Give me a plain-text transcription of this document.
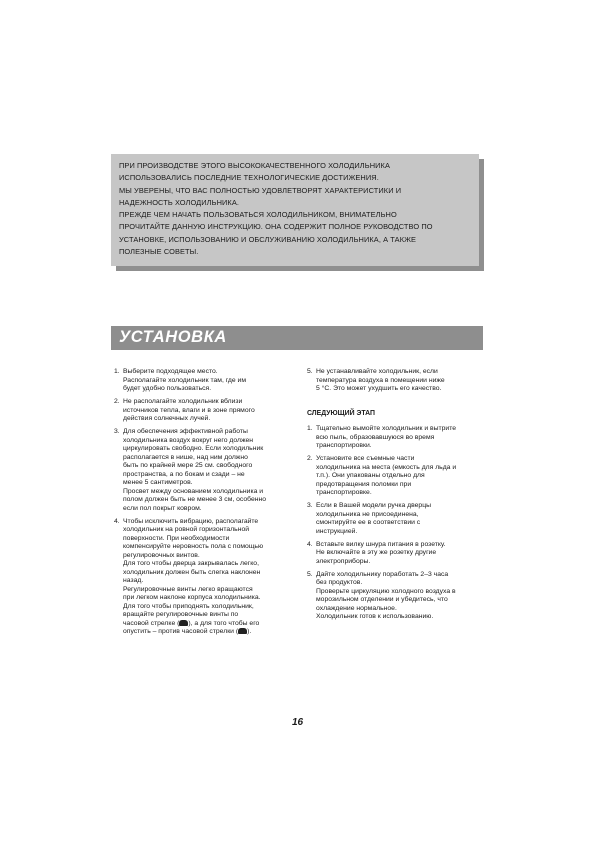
ПРИ ПРОИЗВОДСТВЕ ЭТОГО ВЫСОКОКАЧЕСТВЕННОГО ХОЛОДИЛЬНИКА

ИСПОЛЬЗОВАЛИСЬ ПОСЛЕДНИЕ ТЕХНОЛОГИЧЕСКИЕ ДОСТИЖЕНИЯ.

МЫ УВЕРЕНЫ, ЧТО ВАС ПОЛНОСТЬЮ УДОВЛЕТВОРЯТ ХАРАКТЕРИСТИКИ И

НАДЕЖНОСТЬ ХОЛОДИЛЬНИКА.

ПРЕЖДЕ ЧЕМ НАЧАТЬ ПОЛЬЗОВАТЬСЯ ХОЛОДИЛЬНИКОМ, ВНИМАТЕЛЬНО

ПРОЧИТАЙТЕ ДАННУЮ ИНСТРУКЦИЮ. ОНА СОДЕРЖИТ ПОЛНОЕ РУКОВОДСТВО ПО

УСТАНОВКЕ, ИСПОЛЬЗОВАНИЮ И ОБСЛУЖИВАНИЮ ХОЛОДИЛЬНИКА, А ТАКЖЕ

ПОЛЕЗНЫЕ СОВЕТЫ.

УСТАНОВКА
1. Выберите подходящее место.
Располагайте холодильник там, где им
будет удобно пользоваться.
2. Не располагайте холодильник вблизи
источников тепла, влаги и в зоне прямого
действия солнечных лучей.
3. Для обеспечения эффективной работы
холодильника воздух вокруг него должен
циркулировать свободно. Если холодильник
располагается в нише, над ним должно
быть по крайней мере 25 см. свободного
пространства, а по бокам и сзади – не
менее 5 сантиметров.
Просвет между основанием холодильника и
полом должен быть не менее 3 см, особенно
если пол покрыт ковром.
4. Чтобы исключить вибрацию, располагайте
холодильник на ровной горизонтальной
поверхности. При необходимости
компенсируйте неровность пола с помощью
регулировочных винтов.
Для того чтобы дверца закрывалась легко,
холодильник должен быть слегка наклонен
назад.
Регулировочные винты легко вращаются
при легком наклоне корпуса холодильника.
Для того чтобы приподнять холодильник,
вращайте регулировочные винты по
часовой стрелке ( ), а для того чтобы его
опустить – против часовой стрелки ( ).
5. Не устанавливайте холодильник, если
температура воздуха в помещении ниже
5 °C. Это может ухудшить его качество.
СЛЕДУЮЩИЙ ЭТАП
1. Тщательно вымойте холодильник и вытрите
всю пыль, образовавшуюся во время
транспортировки.
2. Установите все съемные части
холодильника на места (емкость для льда и
т.п.). Они упакованы отдельно для
предотвращения поломки при
транспортировке.
3. Если в Вашей модели ручка дверцы
холодильника не присоединена,
смонтируйте ее в соответствии с
инструкцией.
4. Вставьте вилку шнура питания в розетку.
Не включайте в эту же розетку другие
электроприборы.
5. Дайте холодильнику поработать 2–3 часа
без продуктов.
Проверьте циркуляцию холодного воздуха в
морозильном отделении и убедитесь, что
охлаждение нормальное.
Холодильник готов к использованию.
16
